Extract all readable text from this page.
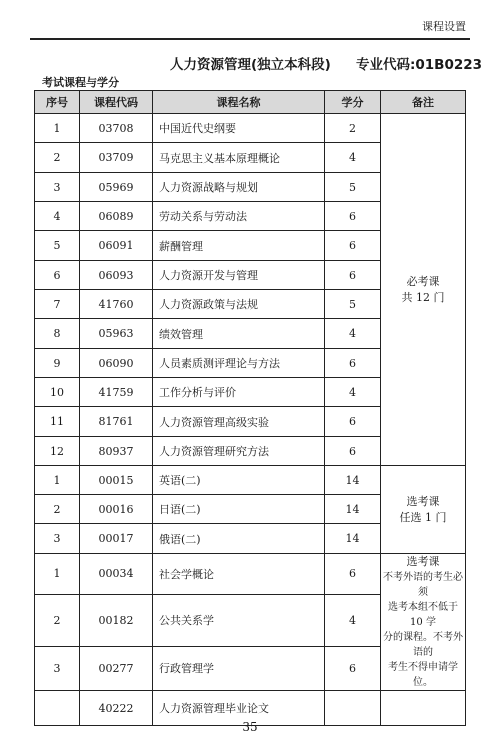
课程设置
人力资源管理(独立本科段) 专业代码:01B0223
考试课程与学分
序号	课程代码	课程名称	学分	备注
1	03708	中国近代史纲要	2	必考课
共 12 门

2	03709	马克思主义基本原理概论	4	
3	05969	人力资源战略与规划	5	
4	06089	劳动关系与劳动法	6	
5	06091	薪酬管理	6	
6	06093	人力资源开发与管理	6	
7	41760	人力资源政策与法规	5	
8	05963	绩效管理	4	
9	06090	人员素质测评理论与方法	6	
10	41759	工作分析与评价	4	
11	81761	人力资源管理高级实验	6	
12	80937	人力资源管理研究方法	6	
1	00015	英语(二)	14	选考课
任选 1 门

2	00016	日语(二)	14	
3	00017	俄语(二)	14	
1	00034	社会学概论	6	选考课
不考外语的考生必须
选考本组不低于 10 学
分的课程。不考外语的
考生不得申请学位。

2	00182	公共关系学	4	
3	00277	行政管理学	6	
	40222	人力资源管理毕业论文		
35
